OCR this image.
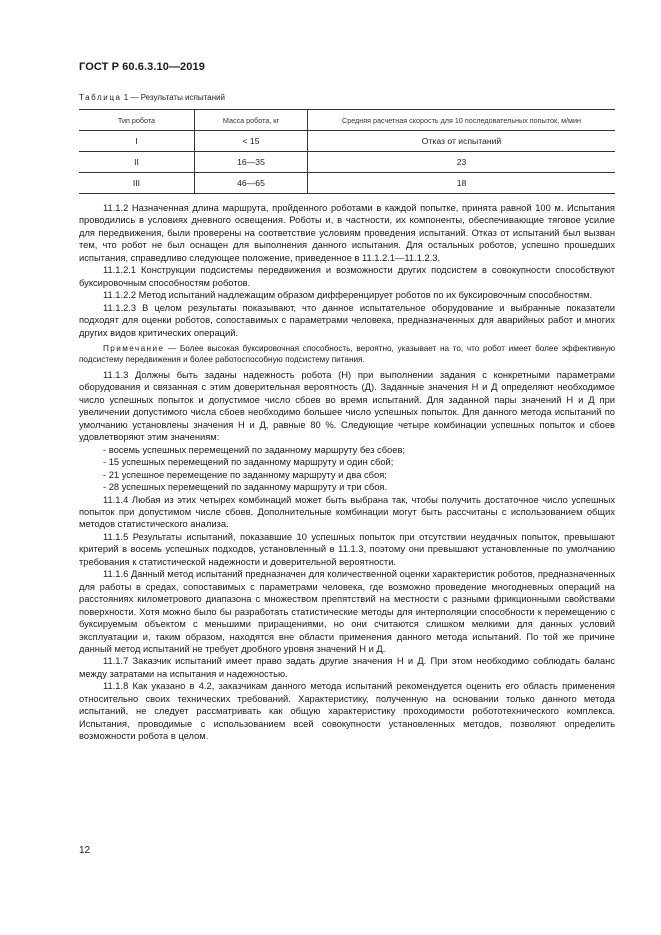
ГОСТ Р 60.6.3.10—2019
Таблица 1 — Результаты испытаний
Тип робота	Масса робота, кг	Средняя расчетная скорость для 10 последовательных попыток, м/мин
I	< 15	Отказ от испытаний
II	16—35	23
III	46—65	18

11.1.2 Назначенная длина маршрута, пройденного роботами в каждой попытке, принята равной 100 м. Испытания проводились в условиях дневного освещения. Роботы и, в частности, их компоненты, обеспечивающие тяговое усилие для передвижения, были проверены на соответствие условиям проведения испытаний. Отказ от испытаний был вызван тем, что робот не был оснащен для выполнения данного испытания. Для остальных роботов, успешно прошедших испытания, справедливо следующее положение, приведенное в 11.1.2.1—11.1.2.3.

11.1.2.1 Конструкции подсистемы передвижения и возможности других подсистем в совокупности способствуют буксировочным способностям роботов.

11.1.2.2 Метод испытаний надлежащим образом дифференцирует роботов по их буксировочным способностям.

11.1.2.3 В целом результаты показывают, что данное испытательное оборудование и выбранные показатели подходят для оценки роботов, сопоставимых с параметрами человека, предназначенных для аварийных работ и многих других видов критических операций.

Примечание — Более высокая буксировочная способность, вероятно, указывает на то, что робот имеет более эффективную подсистему передвижения и более работоспособную подсистему питания.

11.1.3 Должны быть заданы надежность робота (Н) при выполнении задания с конкретными параметрами оборудования и связанная с этим доверительная вероятность (Д). Заданные значения Н и Д определяют необходимое число успешных попыток и допустимое число сбоев во время испытаний. Для заданной пары значений Н и Д при увеличении допустимого числа сбоев необходимо большее число успешных попыток. Для данного метода испытаний по умолчанию установлены значения Н и Д, равные 80 %. Следующие четыре комбинации успешных попыток и сбоев удовлетворяют этим значениям:

- восемь успешных перемещений по заданному маршруту без сбоев;

- 15 успешных перемещений по заданному маршруту и один сбой;

- 21 успешное перемещение по заданному маршруту и два сбоя;

- 28 успешных перемещений по заданному маршруту и три сбоя.

11.1.4 Любая из этих четырех комбинаций может быть выбрана так, чтобы получить достаточное число успешных попыток при допустимом числе сбоев. Дополнительные комбинации могут быть рассчитаны с использованием общих методов статистического анализа.

11.1.5 Результаты испытаний, показавшие 10 успешных попыток при отсутствии неудачных попыток, превышают критерий в восемь успешных подходов, установленный в 11.1.3, поэтому они превышают установленные по умолчанию требования к статистической надежности и доверительной вероятности.

11.1.6 Данный метод испытаний предназначен для количественной оценки характеристик роботов, предназначенных для работы в средах, сопоставимых с параметрами человека, где возможно проведение многодневных операций на расстояниях километрового диапазона с множеством препятствий на местности с разными фрикционными свойствами поверхности. Хотя можно было бы разработать статистические методы для интерполяции способности к перемещению с буксируемым объектом с меньшими приращениями, но они считаются слишком мелкими для данных условий эксплуатации и, таким образом, находятся вне области применения данного метода испытаний. По той же причине данный метод испытаний не требует дробного уровня значений Н и Д.

11.1.7 Заказчик испытаний имеет право задать другие значения Н и Д. При этом необходимо соблюдать баланс между затратами на испытания и надежностью.

11.1.8 Как указано в 4.2, заказчикам данного метода испытаний рекомендуется оценить его область применения относительно своих технических требований. Характеристику, полученную на основании только данного метода испытаний, не следует рассматривать как общую характеристику проходимости робототехнического комплекса. Испытания, проводимые с использованием всей совокупности установленных методов, позволяют определить возможности робота в целом.

12
